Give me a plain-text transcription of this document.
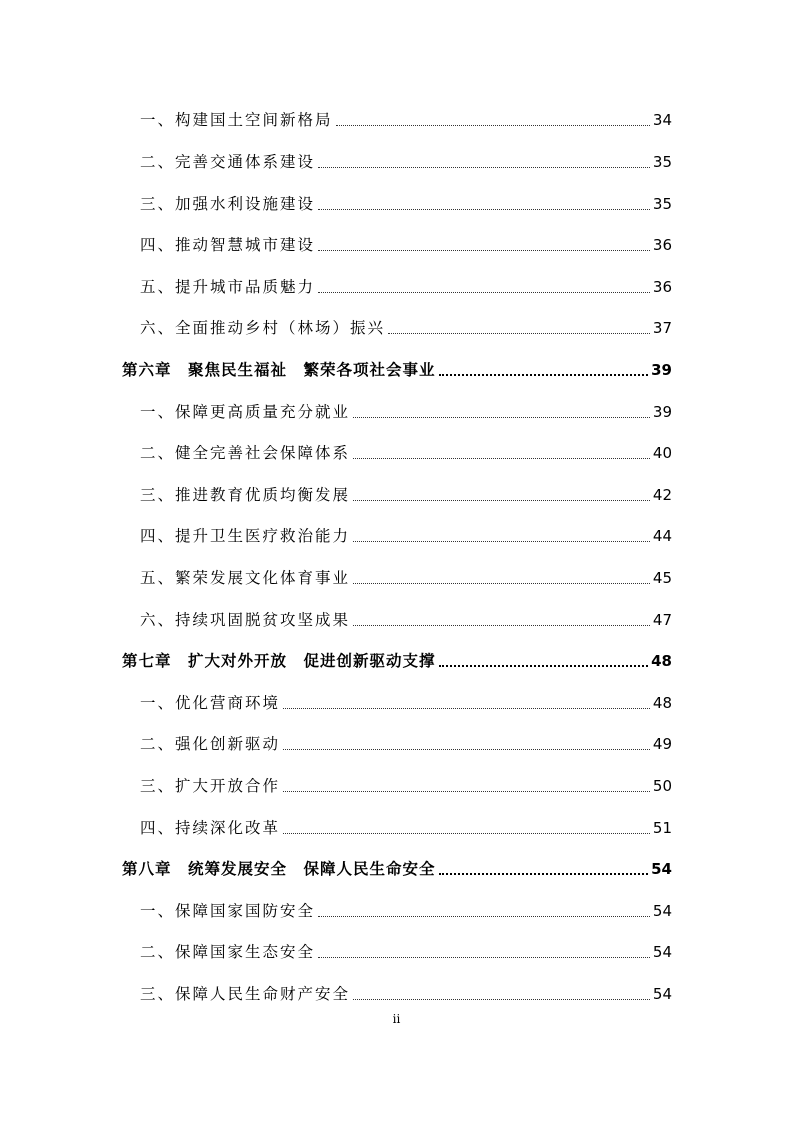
一、构建国土空间新格局	34
二、完善交通体系建设	35
三、加强水利设施建设	35
四、推动智慧城市建设	36
五、提升城市品质魅力	36
六、全面推动乡村（林场）振兴	37
第六章　聚焦民生福祉　繁荣各项社会事业	39
一、保障更高质量充分就业	39
二、健全完善社会保障体系	40
三、推进教育优质均衡发展	42
四、提升卫生医疗救治能力	44
五、繁荣发展文化体育事业	45
六、持续巩固脱贫攻坚成果	47
第七章　扩大对外开放　促进创新驱动支撑	48
一、优化营商环境	48
二、强化创新驱动	49
三、扩大开放合作	50
四、持续深化改革	51
第八章　统筹发展安全　保障人民生命安全	54
一、保障国家国防安全	54
二、保障国家生态安全	54
三、保障人民生命财产安全	54
ii
